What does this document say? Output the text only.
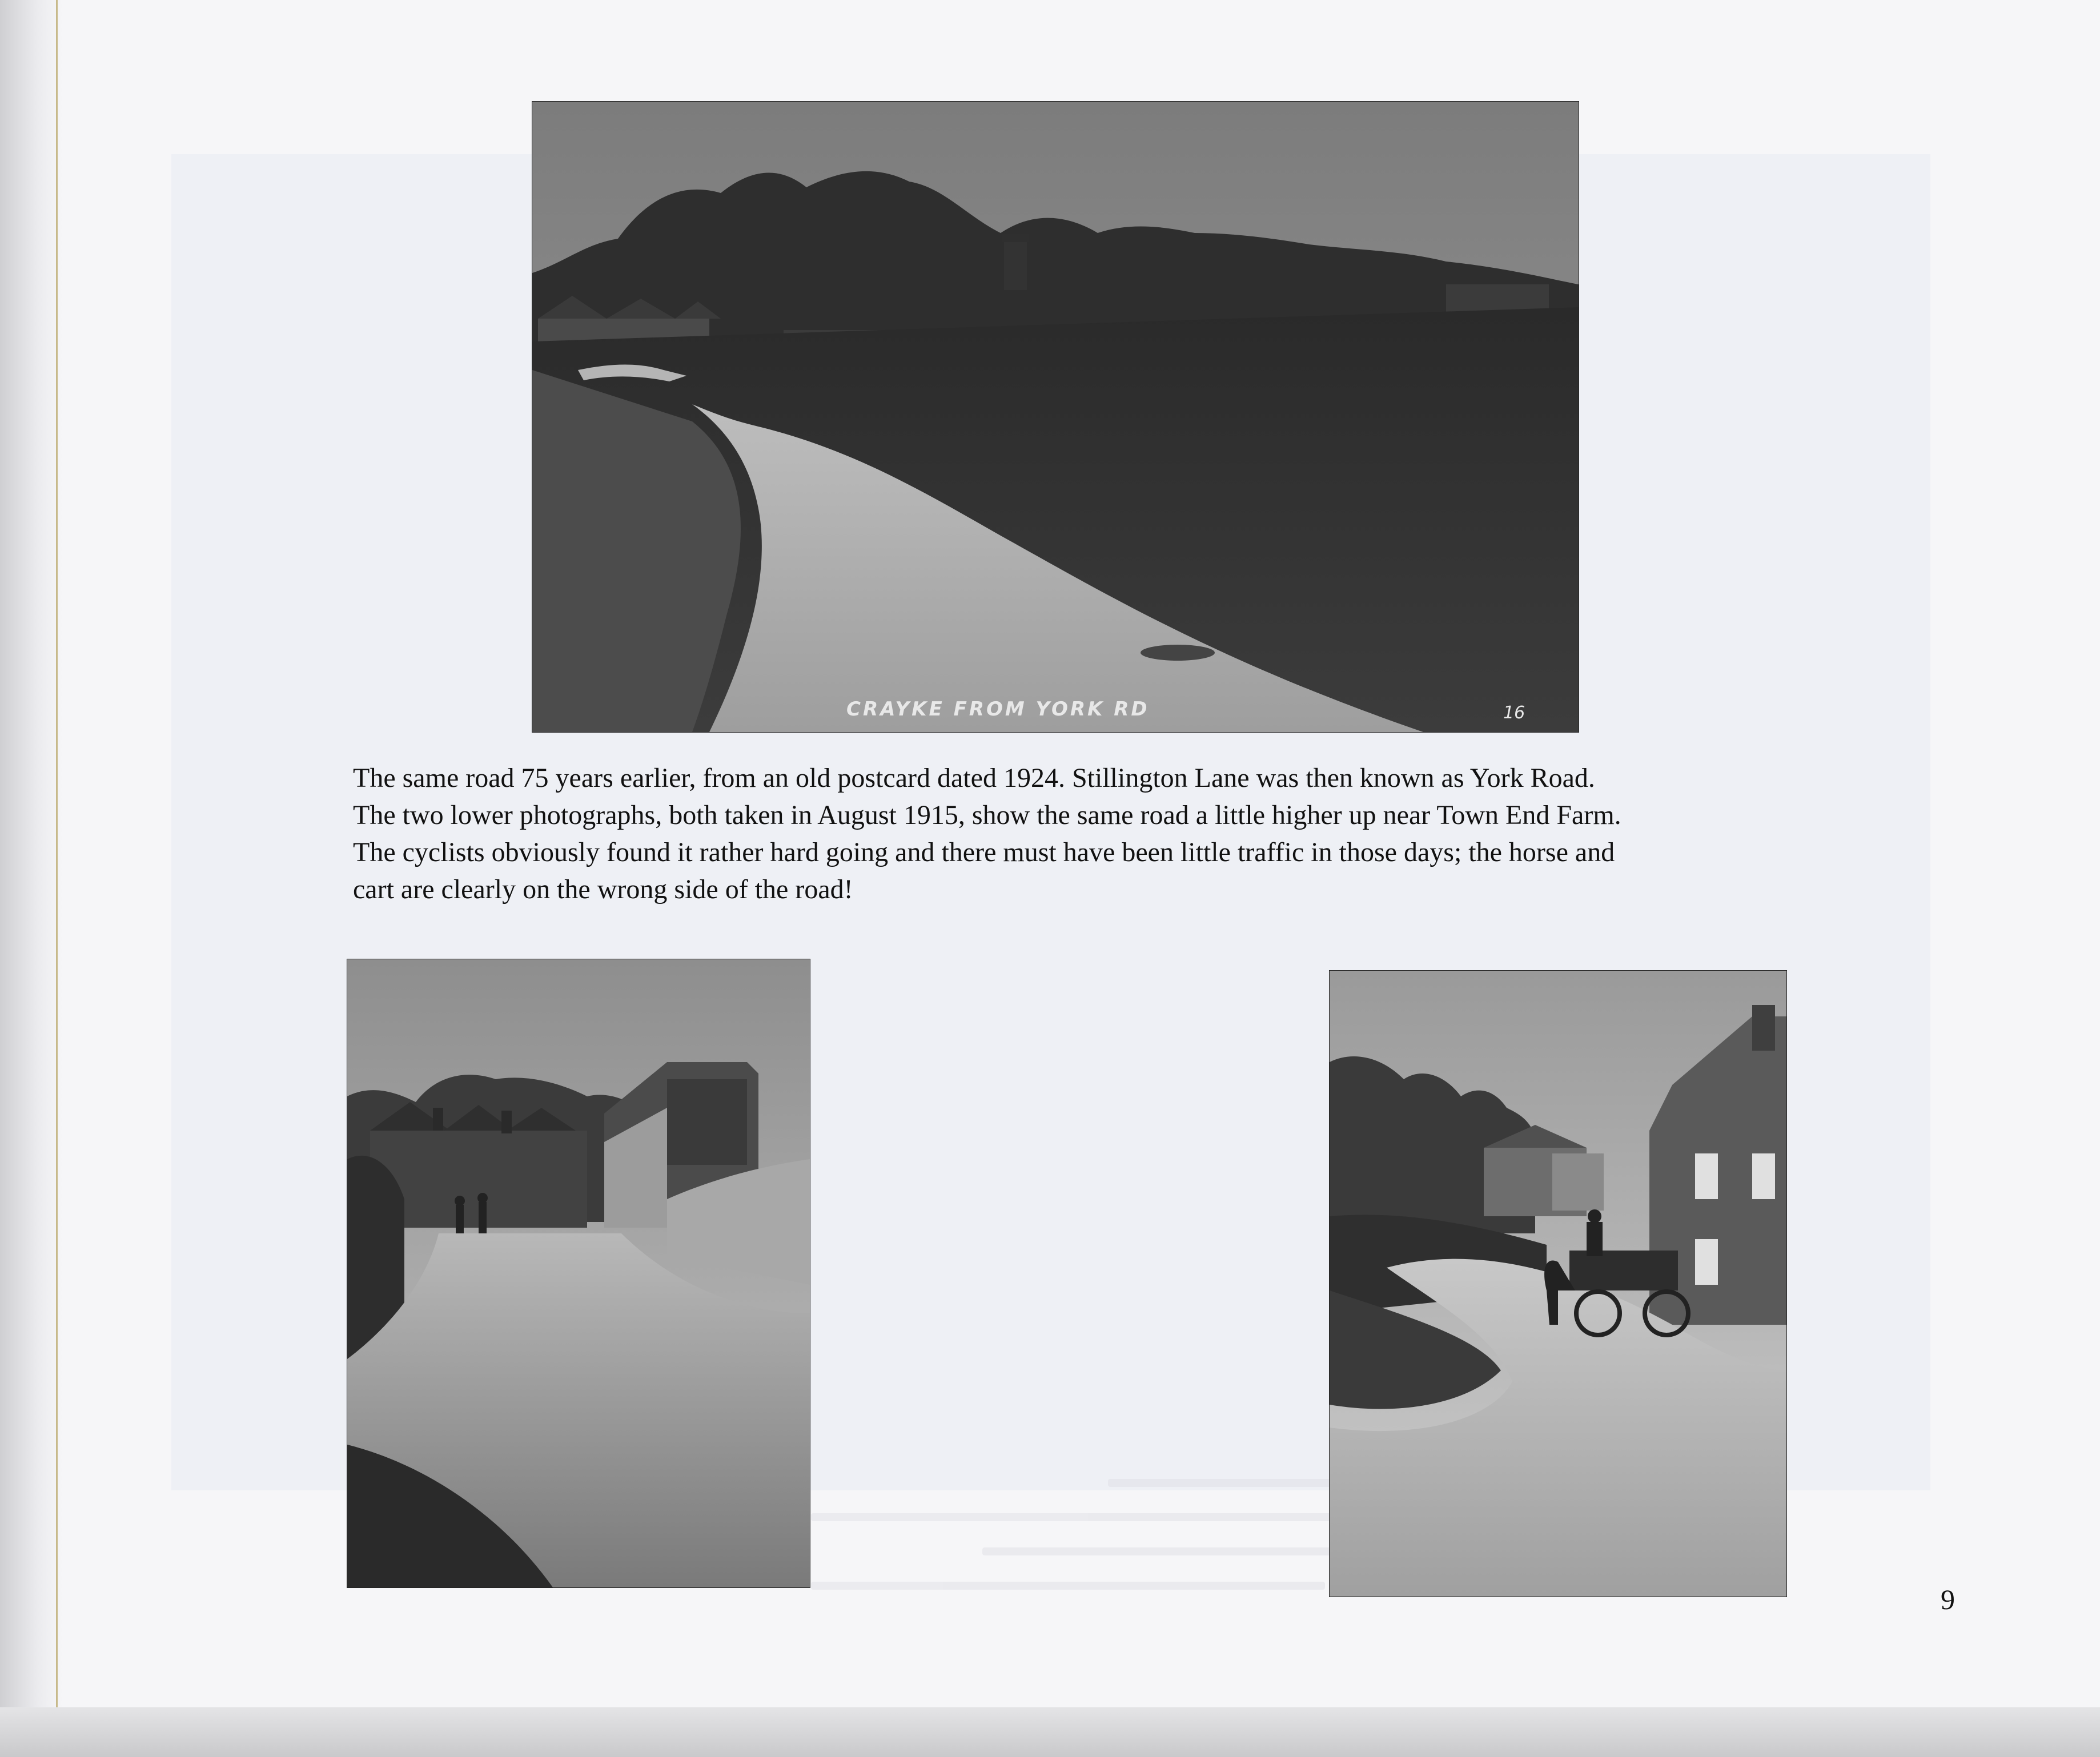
CRAYKE FROM YORK RD	16

The same road 75 years earlier, from an old postcard dated 1924. Stillington Lane was then known as York Road.
The two lower photographs, both taken in August 1915, show the same road a little higher up near Town End Farm.
The cyclists obviously found it rather hard going and there must have been little traffic in those days; the horse and
cart are clearly on the wrong side of the road!

9
